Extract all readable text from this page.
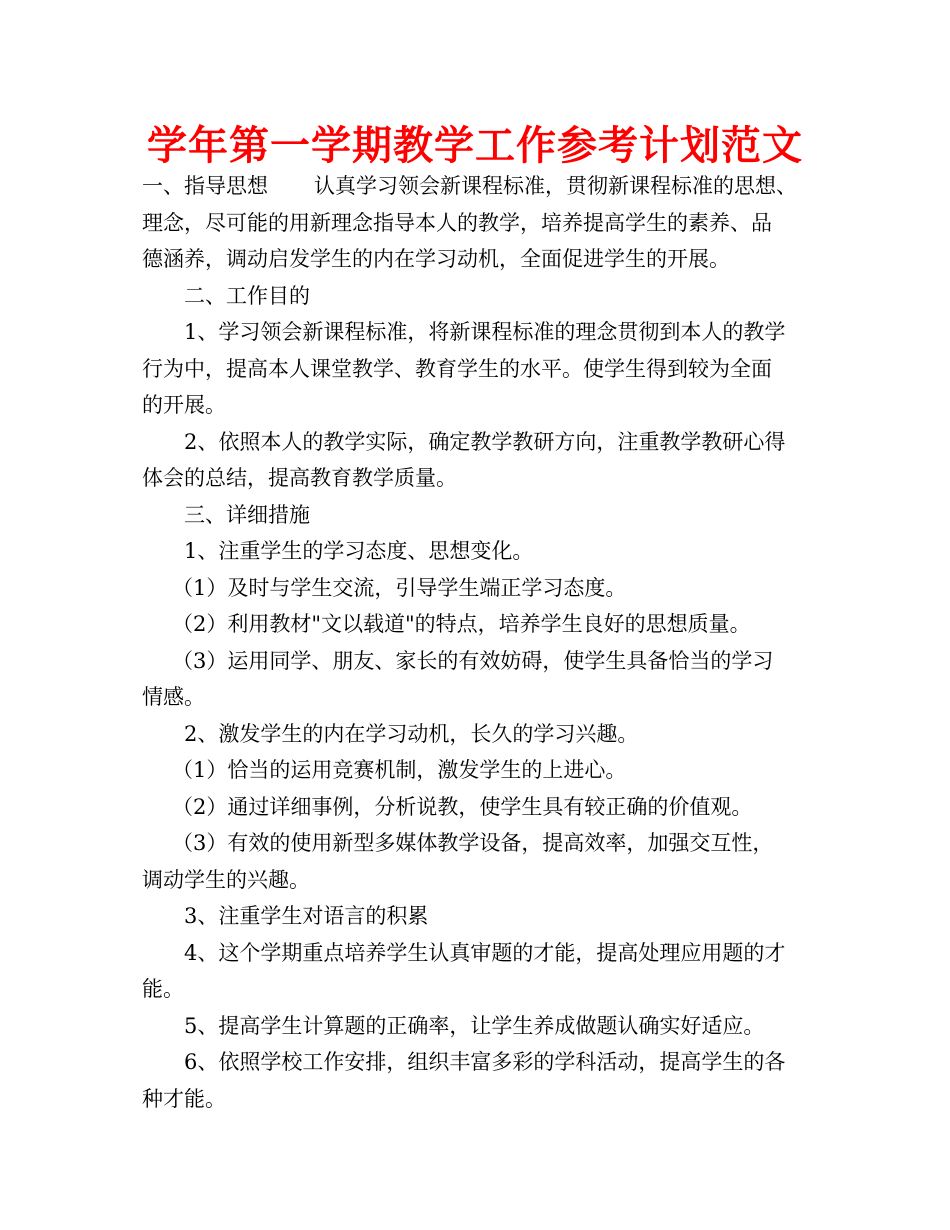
学年第一学期教学工作参考计划范文
一、指导思想 认真学习领会新课程标准，贯彻新课程标准的思想、
理念，尽可能的用新理念指导本人的教学，培养提高学生的素养、品
德涵养，调动启发学生的内在学习动机，全面促进学生的开展。
二、工作目的
1、学习领会新课程标准，将新课程标准的理念贯彻到本人的教学
行为中，提高本人课堂教学、教育学生的水平。使学生得到较为全面
的开展。
2、依照本人的教学实际，确定教学教研方向，注重教学教研心得
体会的总结，提高教育教学质量。
三、详细措施
1、注重学生的学习态度、思想变化。
（1）及时与学生交流，引导学生端正学习态度。
（2）利用教材"文以载道"的特点，培养学生良好的思想质量。
（3）运用同学、朋友、家长的有效妨碍，使学生具备恰当的学习
情感。
2、激发学生的内在学习动机，长久的学习兴趣。
（1）恰当的运用竞赛机制，激发学生的上进心。
（2）通过详细事例，分析说教，使学生具有较正确的价值观。
（3）有效的使用新型多媒体教学设备，提高效率，加强交互性，
调动学生的兴趣。
3、注重学生对语言的积累
4、这个学期重点培养学生认真审题的才能，提高处理应用题的才
能。
5、提高学生计算题的正确率，让学生养成做题认确实好适应。
6、依照学校工作安排，组织丰富多彩的学科活动，提高学生的各
种才能。
